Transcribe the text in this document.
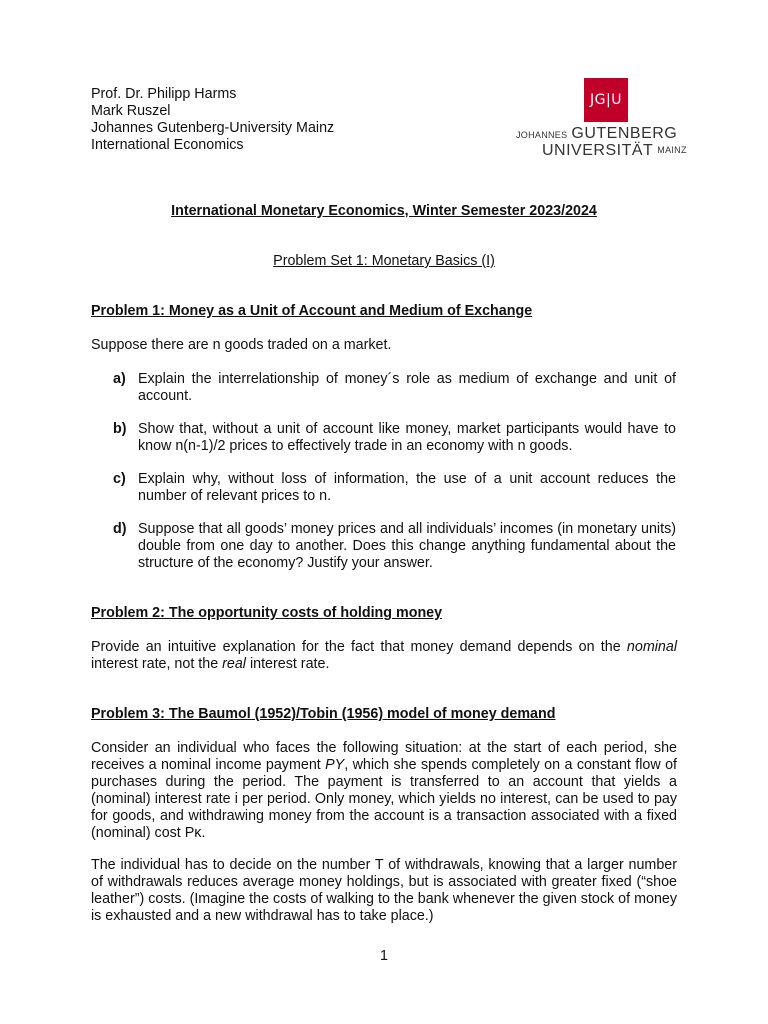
Prof. Dr. Philipp Harms
Mark Ruszel
Johannes Gutenberg-University Mainz
International Economics
JG|U
JOHANNES GUTENBERG
UNIVERSITÄT $^{MAINZ}$
International Monetary Economics, Winter Semester 2023/2024
Problem Set 1: Monetary Basics (I)
Problem 1: Money as a Unit of Account and Medium of Exchange
Suppose there are n goods traded on a market.
a) Explain the interrelationship of money´s role as medium of exchange and unit of account.
b) Show that, without a unit of account like money, market participants would have to know n(n-1)/2 prices to effectively trade in an economy with n goods.
c) Explain why, without loss of information, the use of a unit account reduces the number of relevant prices to n.
d) Suppose that all goods’ money prices and all individuals’ incomes (in monetary units) double from one day to another. Does this change anything fundamental about the structure of the economy? Justify your answer.
Problem 2: The opportunity costs of holding money
Provide an intuitive explanation for the fact that money demand depends on the nominal interest rate, not the real interest rate.
Problem 3: The Baumol (1952)/Tobin (1956) model of money demand
Consider an individual who faces the following situation: at the start of each period, she receives a nominal income payment PY, which she spends completely on a constant flow of purchases during the period. The payment is transferred to an account that yields a (nominal) interest rate i per period. Only money, which yields no interest, can be used to pay for goods, and withdrawing money from the account is a transaction associated with a fixed (nominal) cost Pκ.
The individual has to decide on the number T of withdrawals, knowing that a larger number of withdrawals reduces average money holdings, but is associated with greater fixed (“shoe leather”) costs. (Imagine the costs of walking to the bank whenever the given stock of money is exhausted and a new withdrawal has to take place.)
1
